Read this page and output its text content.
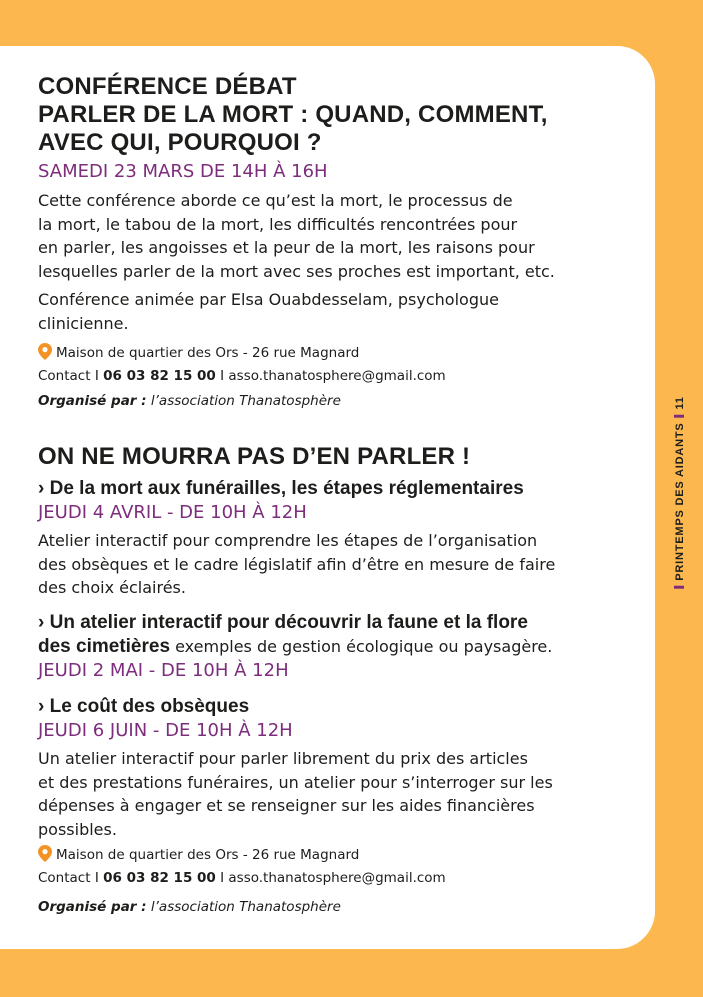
PRINTEMPS DES AIDANTS11
CONFÉRENCE DÉBAT
PARLER DE LA MORT : QUAND, COMMENT,
AVEC QUI, POURQUOI ?

SAMEDI 23 MARS DE 14H À 16H

Cette conférence aborde ce qu’est la mort, le processus de
la mort, le tabou de la mort, les difficultés rencontrées pour
en parler, les angoisses et la peur de la mort, les raisons pour
lesquelles parler de la mort avec ses proches est important, etc.

Conférence animée par Elsa Ouabdesselam, psychologue
clinicienne.

Maison de quartier des Ors - 26 rue Magnard

Contact I 06 03 82 15 00 I asso.thanatosphere@gmail.com

Organisé par : l’association Thanatosphère

ON NE MOURRA PAS D’EN PARLER !

› De la mort aux funérailles, les étapes réglementaires

JEUDI 4 AVRIL - DE 10H À 12H

Atelier interactif pour comprendre les étapes de l’organisation
des obsèques et le cadre législatif afin d’être en mesure de faire
des choix éclairés.

› Un atelier interactif pour découvrir la faune et la flore

des cimetières exemples de gestion écologique ou paysagère.

JEUDI 2 MAI - DE 10H À 12H

› Le coût des obsèques

JEUDI 6 JUIN - DE 10H À 12H

Un atelier interactif pour parler librement du prix des articles
et des prestations funéraires, un atelier pour s’interroger sur les
dépenses à engager et se renseigner sur les aides financières
possibles.

Maison de quartier des Ors - 26 rue Magnard

Contact I 06 03 82 15 00 I asso.thanatosphere@gmail.com

Organisé par : l’association Thanatosphère
